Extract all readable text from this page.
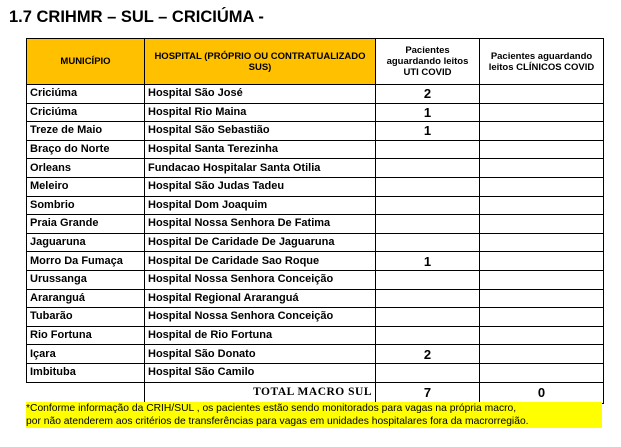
1.7 CRIHMR – SUL – CRICIÚMA -
MUNICÍPIO	HOSPITAL (PRÓPRIO OU CONTRATUALIZADO SUS)	Pacientes aguardando leitos UTI COVID	Pacientes aguardando leitos CLÍNICOS COVID
Criciúma	Hospital São José	2	
Criciúma	Hospital Rio Maina	1	
Treze de Maio	Hospital São Sebastião	1	
Braço do Norte	Hospital Santa Terezinha		
Orleans	Fundacao Hospitalar Santa Otilia		
Meleiro	Hospital São Judas Tadeu		
Sombrio	Hospital Dom Joaquim		
Praia Grande	Hospital Nossa Senhora De Fatima		
Jaguaruna	Hospital De Caridade De Jaguaruna		
Morro Da Fumaça	Hospital De Caridade Sao Roque	1	
Urussanga	Hospital Nossa Senhora Conceição		
Araranguá	Hospital Regional Araranguá		
Tubarão	Hospital Nossa Senhora Conceição		
Rio Fortuna	Hospital de Rio Fortuna		
Içara	Hospital São Donato	2	
Imbituba	Hospital São Camilo		
	TOTAL MACRO SUL	7	0
*Conforme informação da CRIH/SUL , os pacientes estão sendo monitorados para vagas na própria macro,
por não atenderem aos critérios de transferências para vagas em unidades hospitalares fora da macrorregião.
